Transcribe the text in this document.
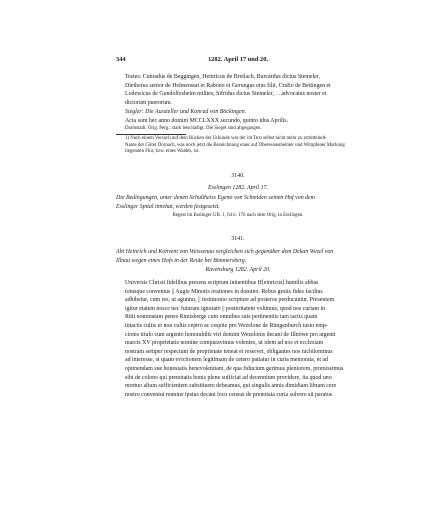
344	1282. April 17 und 20.

Testes: Cunradus de Beggingen, Heinricus de Bretlach, Burcardus dictus Stemeler,
Dietherus senior de Helmenstat et Rabono et Gerungus eius filii, Crafto de Bettingen et
Lodewicus de Gundolfesheim milites, Sifridus dictus Stemeler, . . advocatus noster et
dictorum puerorum.

Siegler: Die Aussteller und Konrad von Böckingen.

Acta sunt hec anno domini MCCLXXX secundo, quinto idus Aprilis.

Darmstadt. Orig. Perg.; stark beschädigt. Die Siegel sind abgegangen.

1) Nach einem Versuch auf dem Rücken der Urkunde war der im Text selbst nicht mehr zu ermittelnde
Name der Güter Dornach, was noch jetzt die Bezeichnung einer auf Oberseisenheimer und Wimpfener Markung
liegenden Flur, bzw. eines Waldes, ist.

3140.
Esslingen 1282. April 17.

Die Bedingungen, unter denen Schultheiss Egeno von Schmiden seinen Hof von dem
Esslinger Spital innehat, werden festgesetzt.

Regest im Esslinger UB. 1, 64 n. 176 nach dem Orig. in Esslingen.

3141.

Abt Heinrich und Konvent von Weissenau vergleichen sich gegenüber dem Dekan Wezel von
Illnau wegen eines Hofs in der Reute bei Bimmersberg.

Ravensburg 1282. April 20.

Universis Christi fidelibus presens scriptum intuentibus H[einricus] humilis abbas
totusque conventus || Augie Minoris orationes in domino. Rebus gestis fides facilius
adhibetur, cum res, ut aguntur, || testimonio scripture ad posteros perducuntur. Presentem
igitur etatem nosce nec futuram ignorare || posteritatem volumus, quod nos curiam in
Rüti nominatam penes Rimisberge cum omnibus suis pertinentiis tam tactis quam
intactis cultis et non cultis ceptro ac cespite pro Wezelone de Rüngenburch iusto emp-
cionis titulo cum argento honorabilis viri domini Wezelonis decani de Illnöwe pro argenti
marcis XV proprietatis nomine comparavimus volentes, ut idem ad nos et ecclesiam
nostram semper respectum de proprietate teneat et reservet, obligantes nos nichilominus
ad interesse, si quam evictionem legitimam de cetero patiatur in curia memorata, et ad
optinendam sue honestatis benevolentiam, de qua fiducium gerimus pleniorem, promissimus
sibi de colono qui prenotatis bonis plene sufficiat ad decennium providere, ita quod uno
mortuo alium sufficientem substituere debeamus, qui singulis annis dimidiam libram cere
nostro conventui nomine ipsius decani loco census de prenotata curia solvere sit paratus
